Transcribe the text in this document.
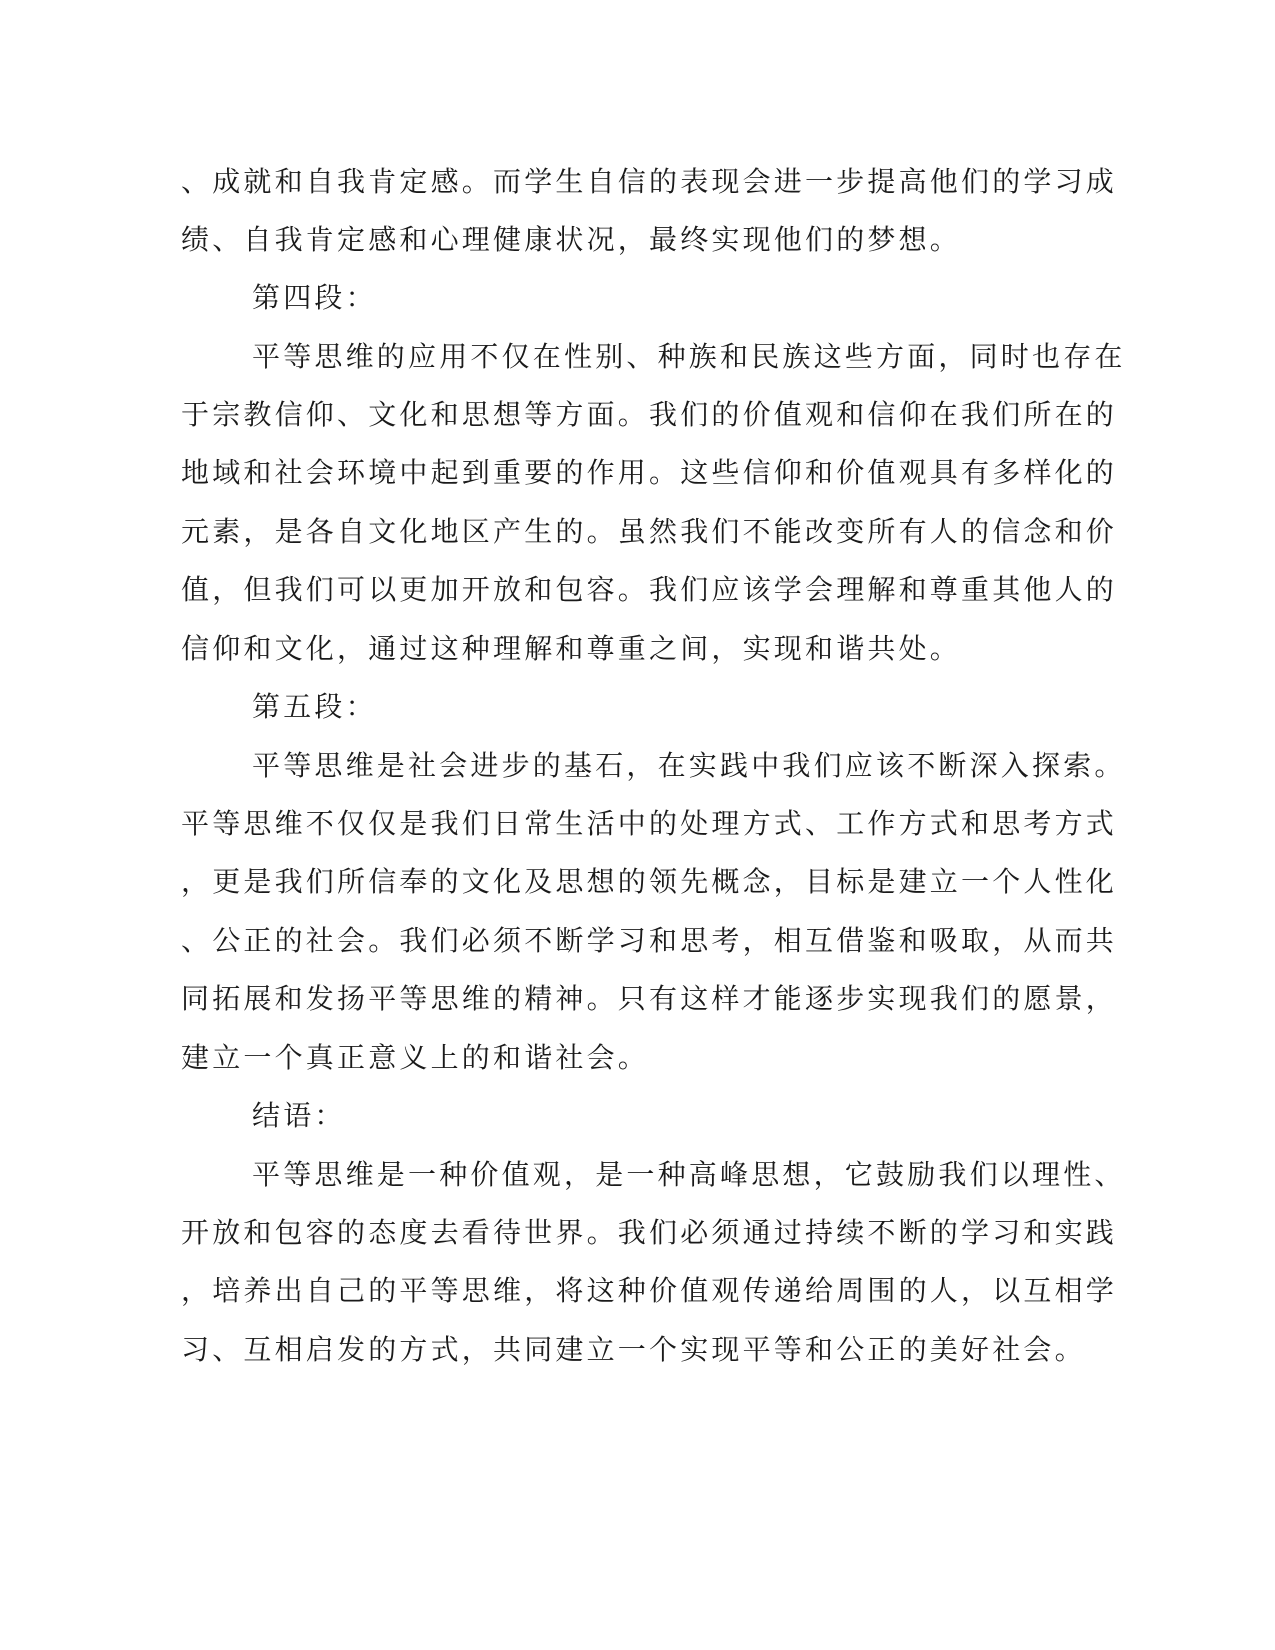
、成就和自我肯定感。而学生自信的表现会进一步提高他们的学习成
绩、自我肯定感和心理健康状况，最终实现他们的梦想。
第四段：
平等思维的应用不仅在性别、种族和民族这些方面，同时也存在
于宗教信仰、文化和思想等方面。我们的价值观和信仰在我们所在的
地域和社会环境中起到重要的作用。这些信仰和价值观具有多样化的
元素，是各自文化地区产生的。虽然我们不能改变所有人的信念和价
值，但我们可以更加开放和包容。我们应该学会理解和尊重其他人的
信仰和文化，通过这种理解和尊重之间，实现和谐共处。
第五段：
平等思维是社会进步的基石，在实践中我们应该不断深入探索。
平等思维不仅仅是我们日常生活中的处理方式、工作方式和思考方式
，更是我们所信奉的文化及思想的领先概念，目标是建立一个人性化
、公正的社会。我们必须不断学习和思考，相互借鉴和吸取，从而共
同拓展和发扬平等思维的精神。只有这样才能逐步实现我们的愿景，
建立一个真正意义上的和谐社会。
结语：
平等思维是一种价值观，是一种高峰思想，它鼓励我们以理性、
开放和包容的态度去看待世界。我们必须通过持续不断的学习和实践
，培养出自己的平等思维，将这种价值观传递给周围的人，以互相学
习、互相启发的方式，共同建立一个实现平等和公正的美好社会。
